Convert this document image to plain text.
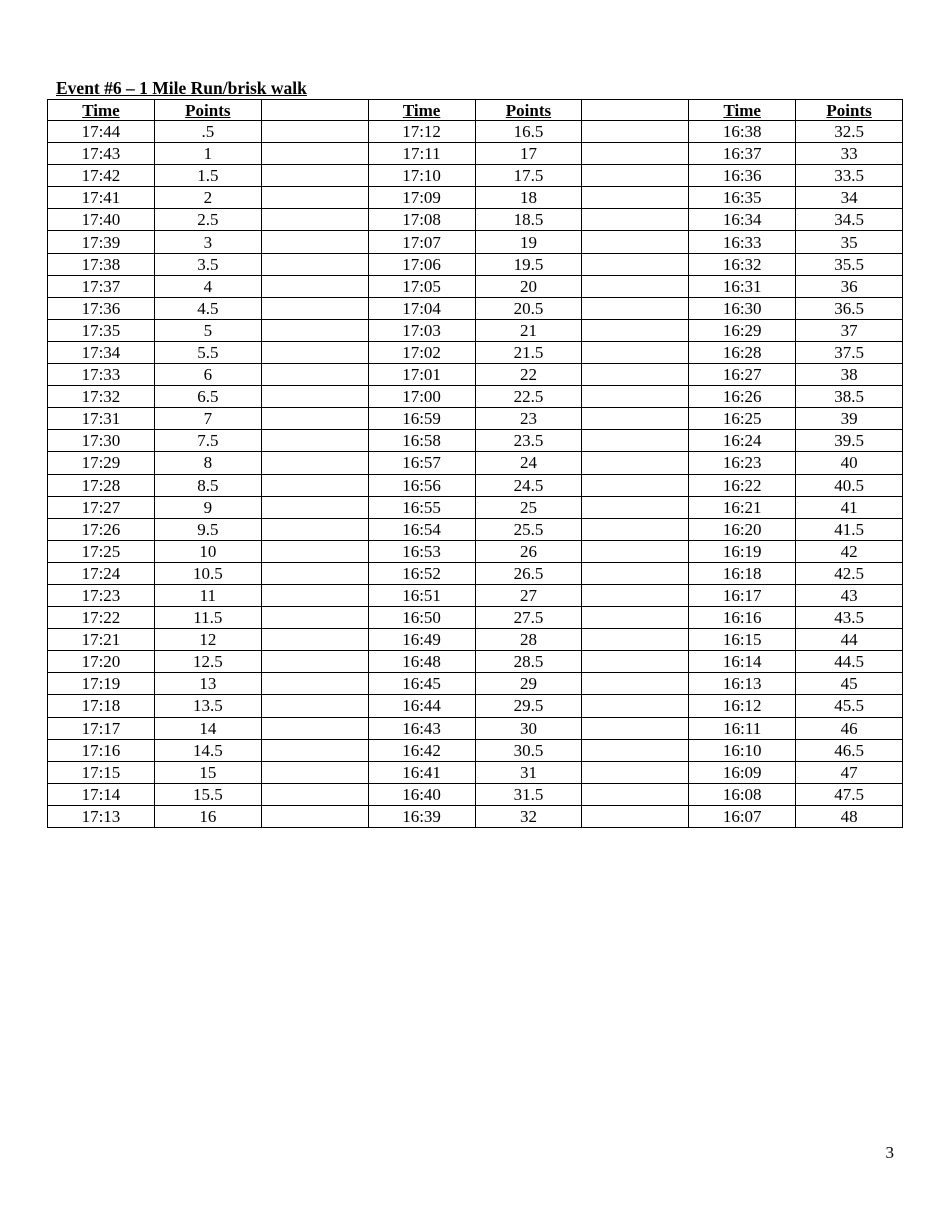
Event #6 – 1 Mile Run/brisk walk
Time	Points		Time	Points		Time	Points
17:44	.5		17:12	16.5		16:38	32.5
17:43	1		17:11	17		16:37	33
17:42	1.5		17:10	17.5		16:36	33.5
17:41	2		17:09	18		16:35	34
17:40	2.5		17:08	18.5		16:34	34.5
17:39	3		17:07	19		16:33	35
17:38	3.5		17:06	19.5		16:32	35.5
17:37	4		17:05	20		16:31	36
17:36	4.5		17:04	20.5		16:30	36.5
17:35	5		17:03	21		16:29	37
17:34	5.5		17:02	21.5		16:28	37.5
17:33	6		17:01	22		16:27	38
17:32	6.5		17:00	22.5		16:26	38.5
17:31	7		16:59	23		16:25	39
17:30	7.5		16:58	23.5		16:24	39.5
17:29	8		16:57	24		16:23	40
17:28	8.5		16:56	24.5		16:22	40.5
17:27	9		16:55	25		16:21	41
17:26	9.5		16:54	25.5		16:20	41.5
17:25	10		16:53	26		16:19	42
17:24	10.5		16:52	26.5		16:18	42.5
17:23	11		16:51	27		16:17	43
17:22	11.5		16:50	27.5		16:16	43.5
17:21	12		16:49	28		16:15	44
17:20	12.5		16:48	28.5		16:14	44.5
17:19	13		16:45	29		16:13	45
17:18	13.5		16:44	29.5		16:12	45.5
17:17	14		16:43	30		16:11	46
17:16	14.5		16:42	30.5		16:10	46.5
17:15	15		16:41	31		16:09	47
17:14	15.5		16:40	31.5		16:08	47.5
17:13	16		16:39	32		16:07	48
3
